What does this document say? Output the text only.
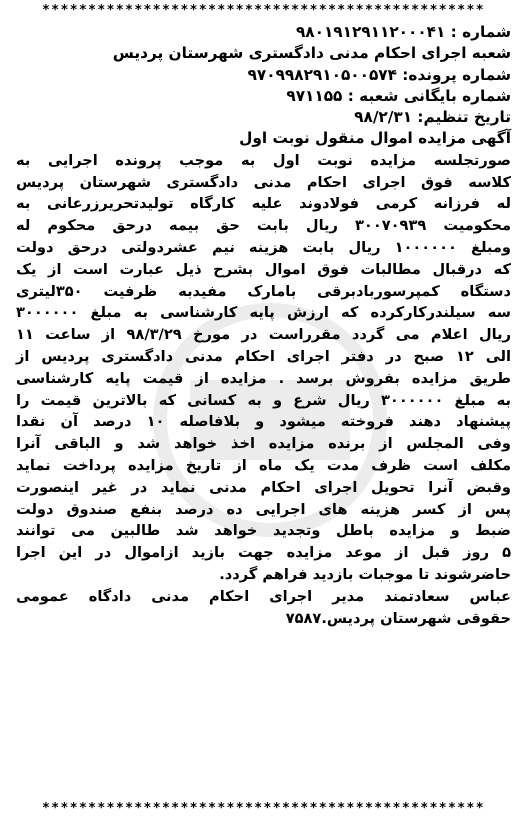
************************************************
شماره : ۹۸۰۱۹۱۲۹۱۱۲۰۰۰۴۱
شعبه اجرای احکام مدنی دادگستری شهرستان پردیس
شماره پرونده: ۹۷۰۹۹۸۲۹۱۰۵۰۰۵۷۴
شماره بایگانی شعبه : ۹۷۱۱۵۵
تاریخ تنظیم: ۹۸/۲/۳۱
آگهی مزایده اموال منقول نوبت اول
صورتجلسه مزایده نوبت اول به موجب پرونده اجرایی به
کلاسه فوق اجرای احکام مدنی دادگستری شهرستان پردیس
له فرزانه کرمی فولادوند علیه کارگاه تولیدتحریرزرعانی به
محکومیت ۳۰۰۷۰۹۳۹ ریال بابت حق بیمه درحق محکوم له
ومبلغ ۱۰۰۰۰۰۰ ریال بابت هزینه نیم عشردولتی درحق دولت
که درقبال مطالبات فوق اموال بشرح ذیل عبارت است از یک
دستگاه کمپرسوربادبرقی بامارک مفیدبه ظرفیت ۳۵۰لیتری
سه سیلندرکارکرده که ارزش پایه کارشناسی به مبلغ ۳۰۰۰۰۰۰
ریال اعلام می گردد مقرراست در مورخ ۹۸/۳/۲۹ از ساعت ۱۱
الی ۱۲ صبح در دفتر اجرای احکام مدنی دادگستری پردیس از
طریق مزایده بفروش برسد . مزایده از قیمت پایه کارشناسی
به مبلغ ۳۰۰۰۰۰۰ ریال شرع و به کسانی که بالاترین قیمت را
پیشنهاد دهند فروخته میشود و بلافاصله ۱۰ درصد آن نقدا
وفی المجلس از برنده مزایده اخذ خواهد شد و الباقی آنرا
مکلف است ظرف مدت یک ماه از تاریخ مزایده پرداخت نماید
وقبض آنرا تحویل اجرای احکام مدنی نماید در غیر اینصورت
پس از کسر هزینه های اجرایی ده درصد بنفع صندوق دولت
ضبط و مزایده باطل وتجدید خواهد شد طالبین می توانند
۵ روز قبل از موعد مزایده جهت بازید ازاموال در این اجرا
حاضرشوند تا موجبات بازدید فراهم گردد.
عباس سعادتمند مدیر اجرای احکام مدنی دادگاه عمومی
حقوقی شهرستان پردیس.۷۵۸۷
************************************************
